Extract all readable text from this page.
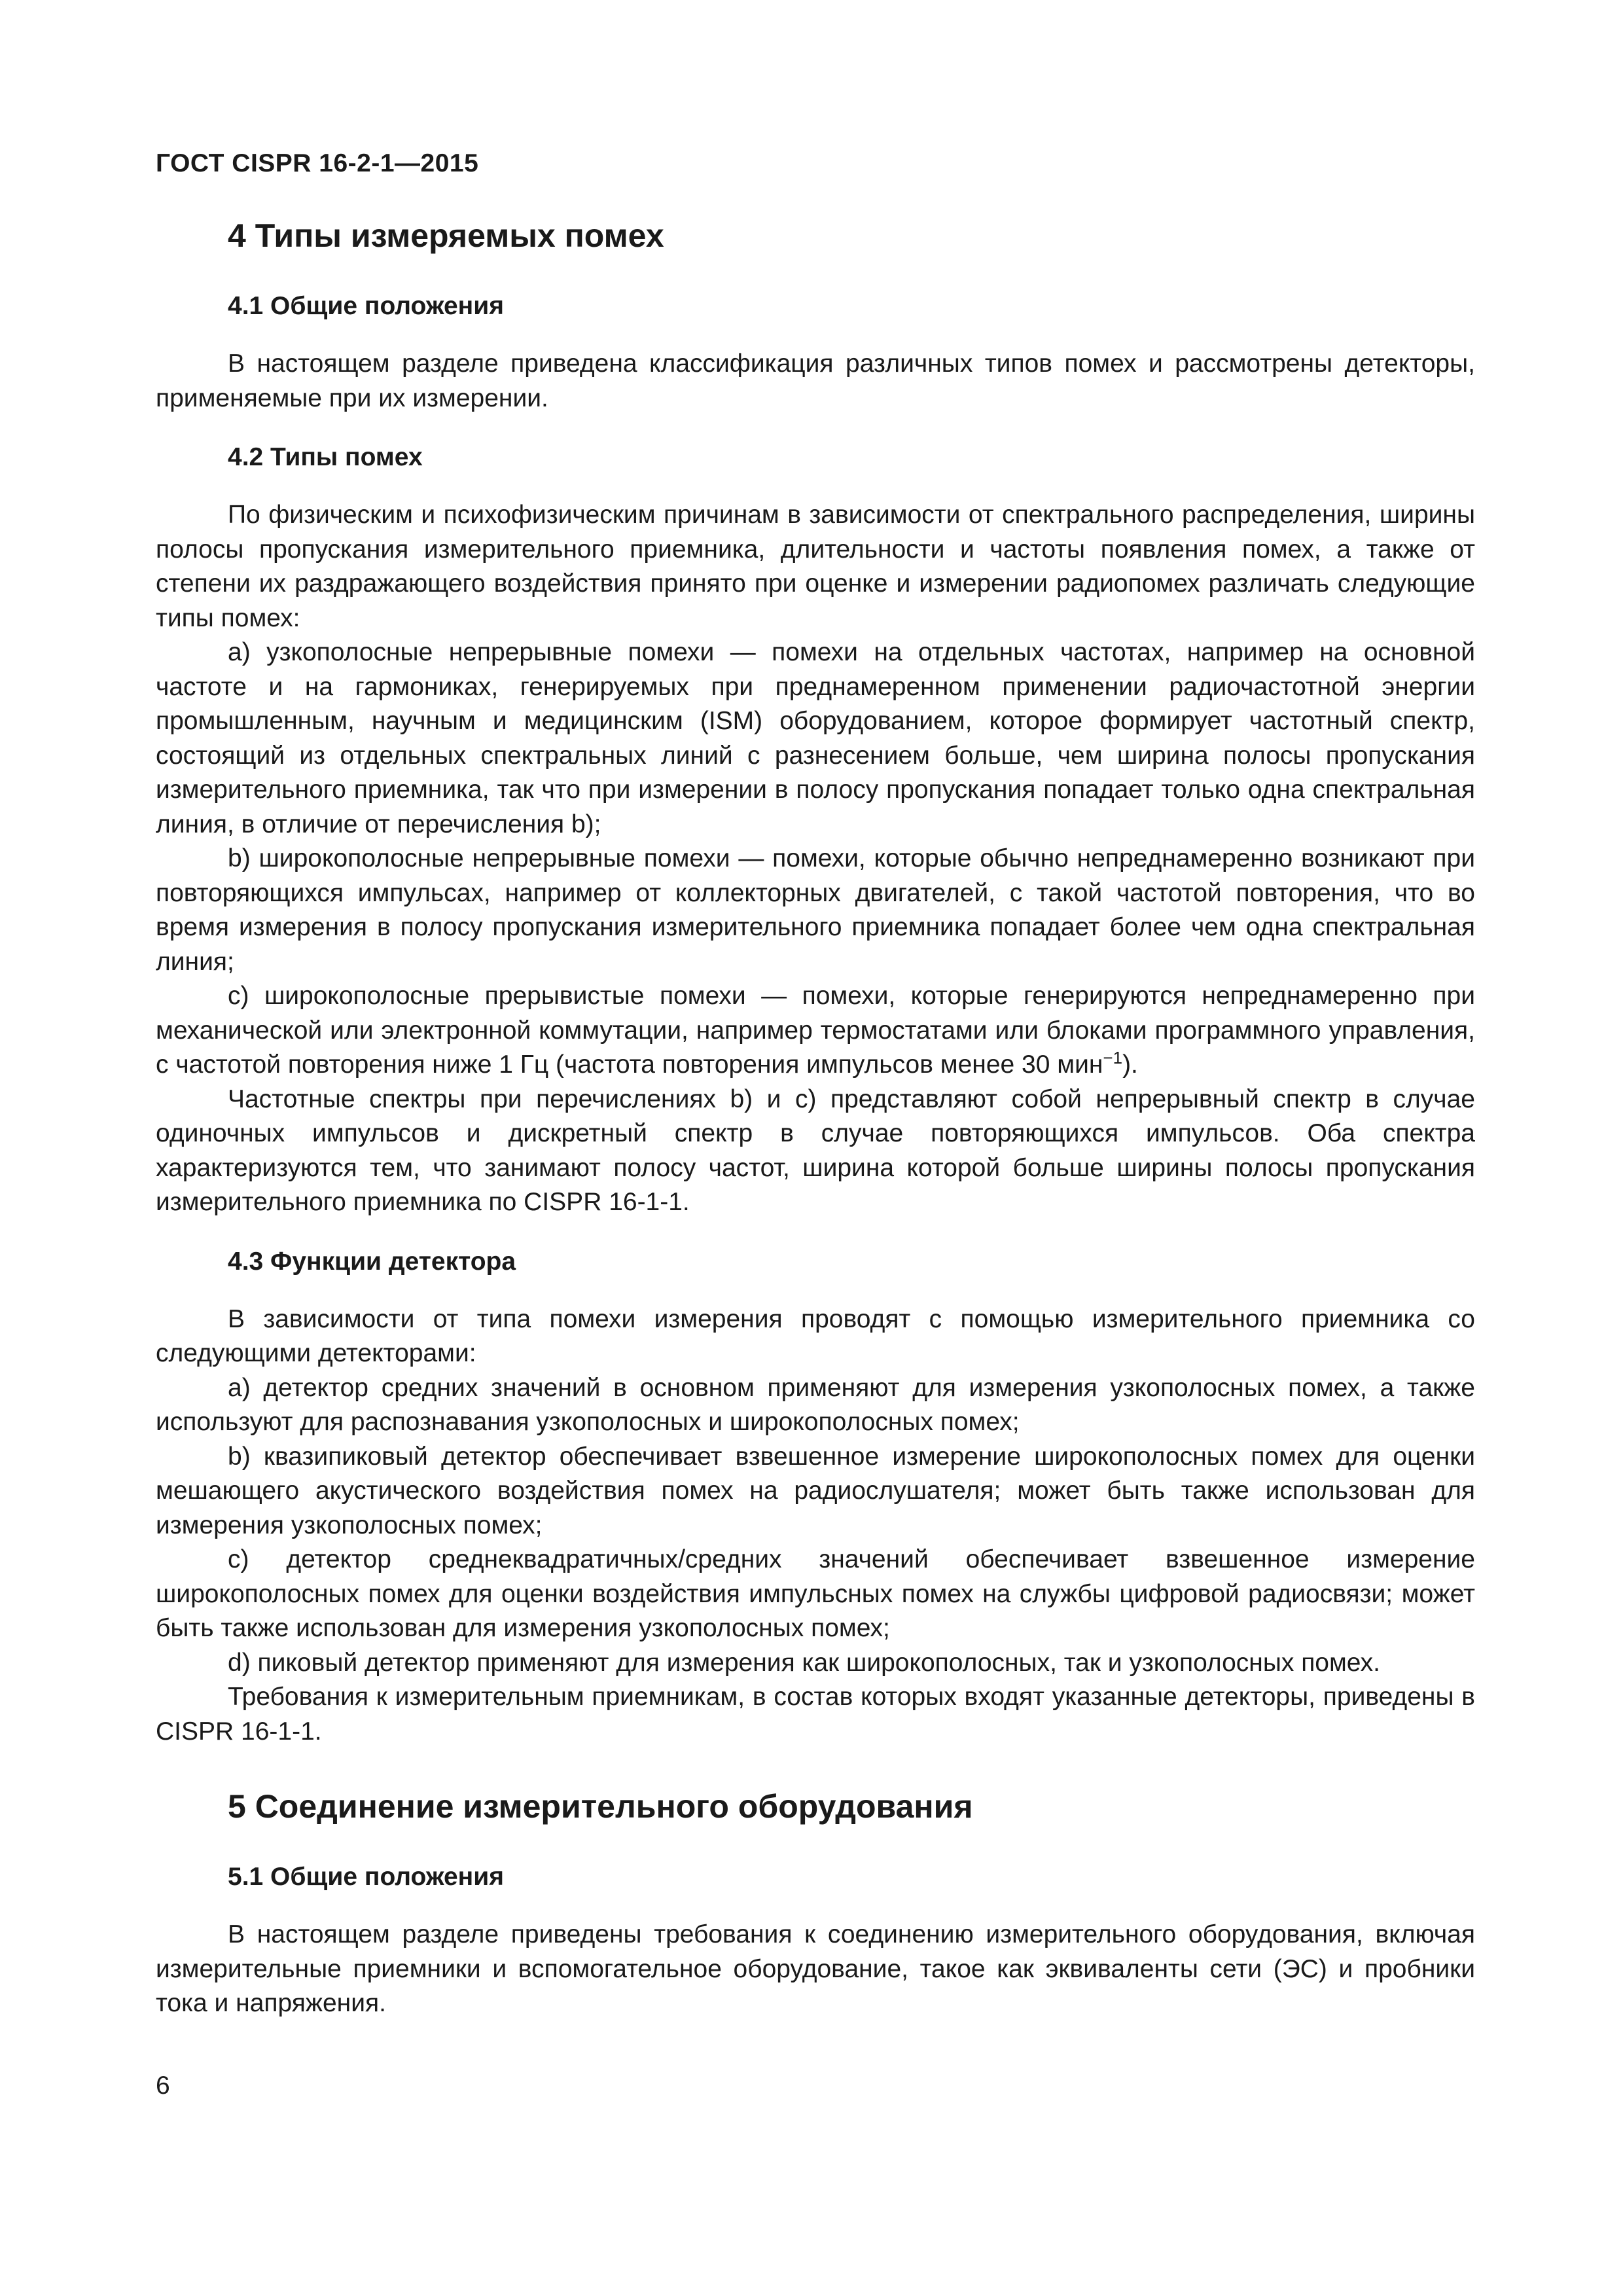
ГОСТ CISPR 16-2-1—2015
4 Типы измеряемых помех
4.1 Общие положения

В настоящем разделе приведена классификация различных типов помех и рассмотрены детекторы, применяемые при их измерении.

4.2 Типы помех

По физическим и психофизическим причинам в зависимости от спектрального распределения, ширины полосы пропускания измерительного приемника, длительности и частоты появления помех, а также от степени их раздражающего воздействия принято при оценке и измерении радиопомех различать следующие типы помех:

a) узкополосные непрерывные помехи — помехи на отдельных частотах, например на основной частоте и на гармониках, генерируемых при преднамеренном применении радиочастотной энергии промышленным, научным и медицинским (ISM) оборудованием, которое формирует частотный спектр, состоящий из отдельных спектральных линий с разнесением больше, чем ширина полосы пропускания измерительного приемника, так что при измерении в полосу пропускания попадает только одна спектральная линия, в отличие от перечисления b);

b) широкополосные непрерывные помехи — помехи, которые обычно непреднамеренно возникают при повторяющихся импульсах, например от коллекторных двигателей, с такой частотой повторения, что во время измерения в полосу пропускания измерительного приемника попадает более чем одна спектральная линия;

c) широкополосные прерывистые помехи — помехи, которые генерируются непреднамеренно при механической или электронной коммутации, например термостатами или блоками программного управления, с частотой повторения ниже 1 Гц (частота повторения импульсов менее 30 мин$^{-1}$).

Частотные спектры при перечислениях b) и c) представляют собой непрерывный спектр в случае одиночных импульсов и дискретный спектр в случае повторяющихся импульсов. Оба спектра характеризуются тем, что занимают полосу частот, ширина которой больше ширины полосы пропускания измерительного приемника по CISPR 16-1-1.

4.3 Функции детектора

В зависимости от типа помехи измерения проводят с помощью измерительного приемника со следующими детекторами:

a) детектор средних значений в основном применяют для измерения узкополосных помех, а также используют для распознавания узкополосных и широкополосных помех;

b) квазипиковый детектор обеспечивает взвешенное измерение широкополосных помех для оценки мешающего акустического воздействия помех на радиослушателя; может быть также использован для измерения узкополосных помех;

c) детектор среднеквадратичных/средних значений обеспечивает взвешенное измерение широкополосных помех для оценки воздействия импульсных помех на службы цифровой радиосвязи; может быть также использован для измерения узкополосных помех;

d) пиковый детектор применяют для измерения как широкополосных, так и узкополосных помех.

Требования к измерительным приемникам, в состав которых входят указанные детекторы, приведены в CISPR 16-1-1.

5 Соединение измерительного оборудования
5.1 Общие положения

В настоящем разделе приведены требования к соединению измерительного оборудования, включая измерительные приемники и вспомогательное оборудование, такое как эквиваленты сети (ЭС) и пробники тока и напряжения.

6
